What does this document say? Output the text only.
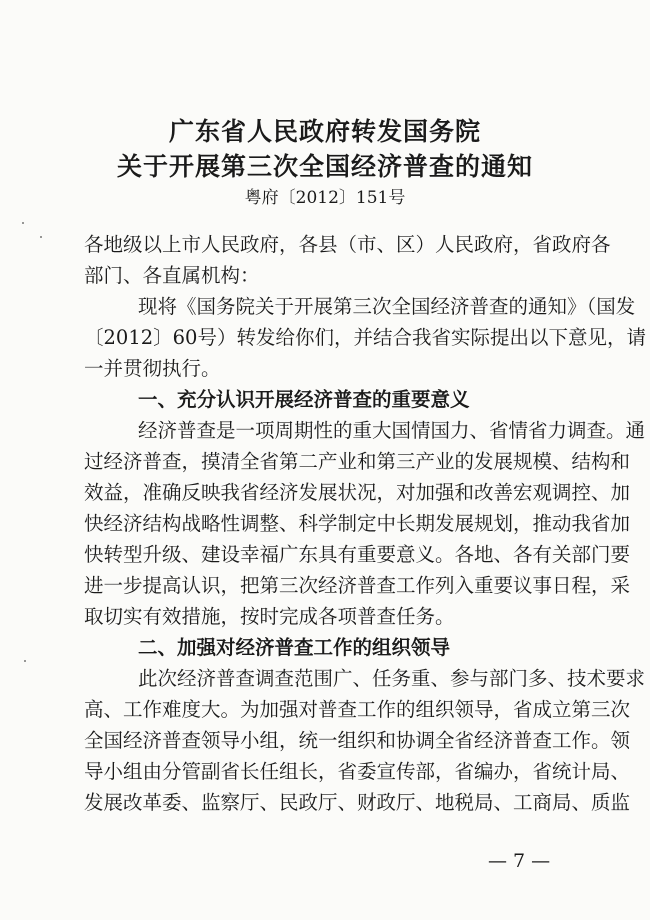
广东省人民政府转发国务院
关于开展第三次全国经济普查的通知
粤府〔2012〕151号
各地级以上市人民政府，各县（市、区）人民政府，省政府各
部门、各直属机构：
现将《国务院关于开展第三次全国经济普查的通知》（国发
〔2012〕60号）转发给你们，并结合我省实际提出以下意见，请
一并贯彻执行。
一、充分认识开展经济普查的重要意义
经济普查是一项周期性的重大国情国力、省情省力调查。通
过经济普查，摸清全省第二产业和第三产业的发展规模、结构和
效益，准确反映我省经济发展状况，对加强和改善宏观调控、加
快经济结构战略性调整、科学制定中长期发展规划，推动我省加
快转型升级、建设幸福广东具有重要意义。各地、各有关部门要
进一步提高认识，把第三次经济普查工作列入重要议事日程，采
取切实有效措施，按时完成各项普查任务。
二、加强对经济普查工作的组织领导
此次经济普查调查范围广、任务重、参与部门多、技术要求
高、工作难度大。为加强对普查工作的组织领导，省成立第三次
全国经济普查领导小组，统一组织和协调全省经济普查工作。领
导小组由分管副省长任组长，省委宣传部，省编办，省统计局、
发展改革委、监察厅、民政厅、财政厅、地税局、工商局、质监
— 7 —
